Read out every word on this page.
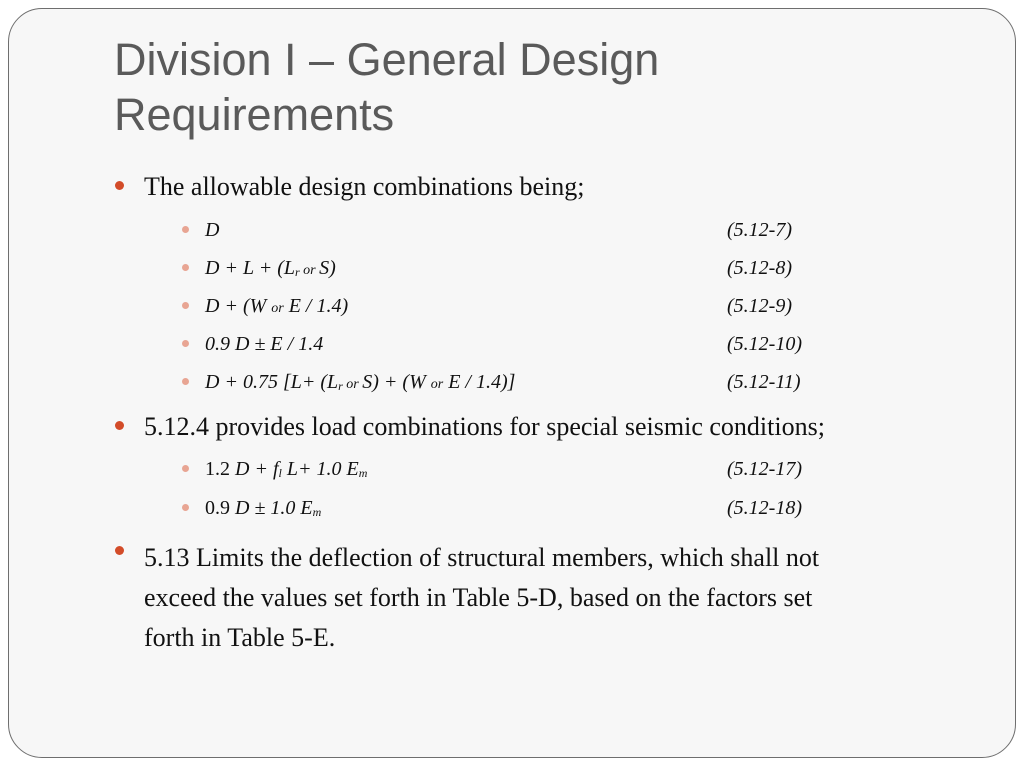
Division I – General Design
Requirements
The allowable design combinations being;
D	(5.12-7)
D + L + (Lr or S)	(5.12-8)
D + (W or E / 1.4)	(5.12-9)
0.9 D ± E / 1.4	(5.12-10)
D + 0.75 [L+ (Lr or S) + (W or E / 1.4)]	(5.12-11)
5.12.4 provides load combinations for special seismic conditions;
1.2 D + fl L+ 1.0 Em	(5.12-17)
0.9 D ± 1.0 Em	(5.12-18)
5.13 Limits the deflection of structural members, which shall not
exceed the values set forth in Table 5-D, based on the factors set
forth in Table 5-E.
